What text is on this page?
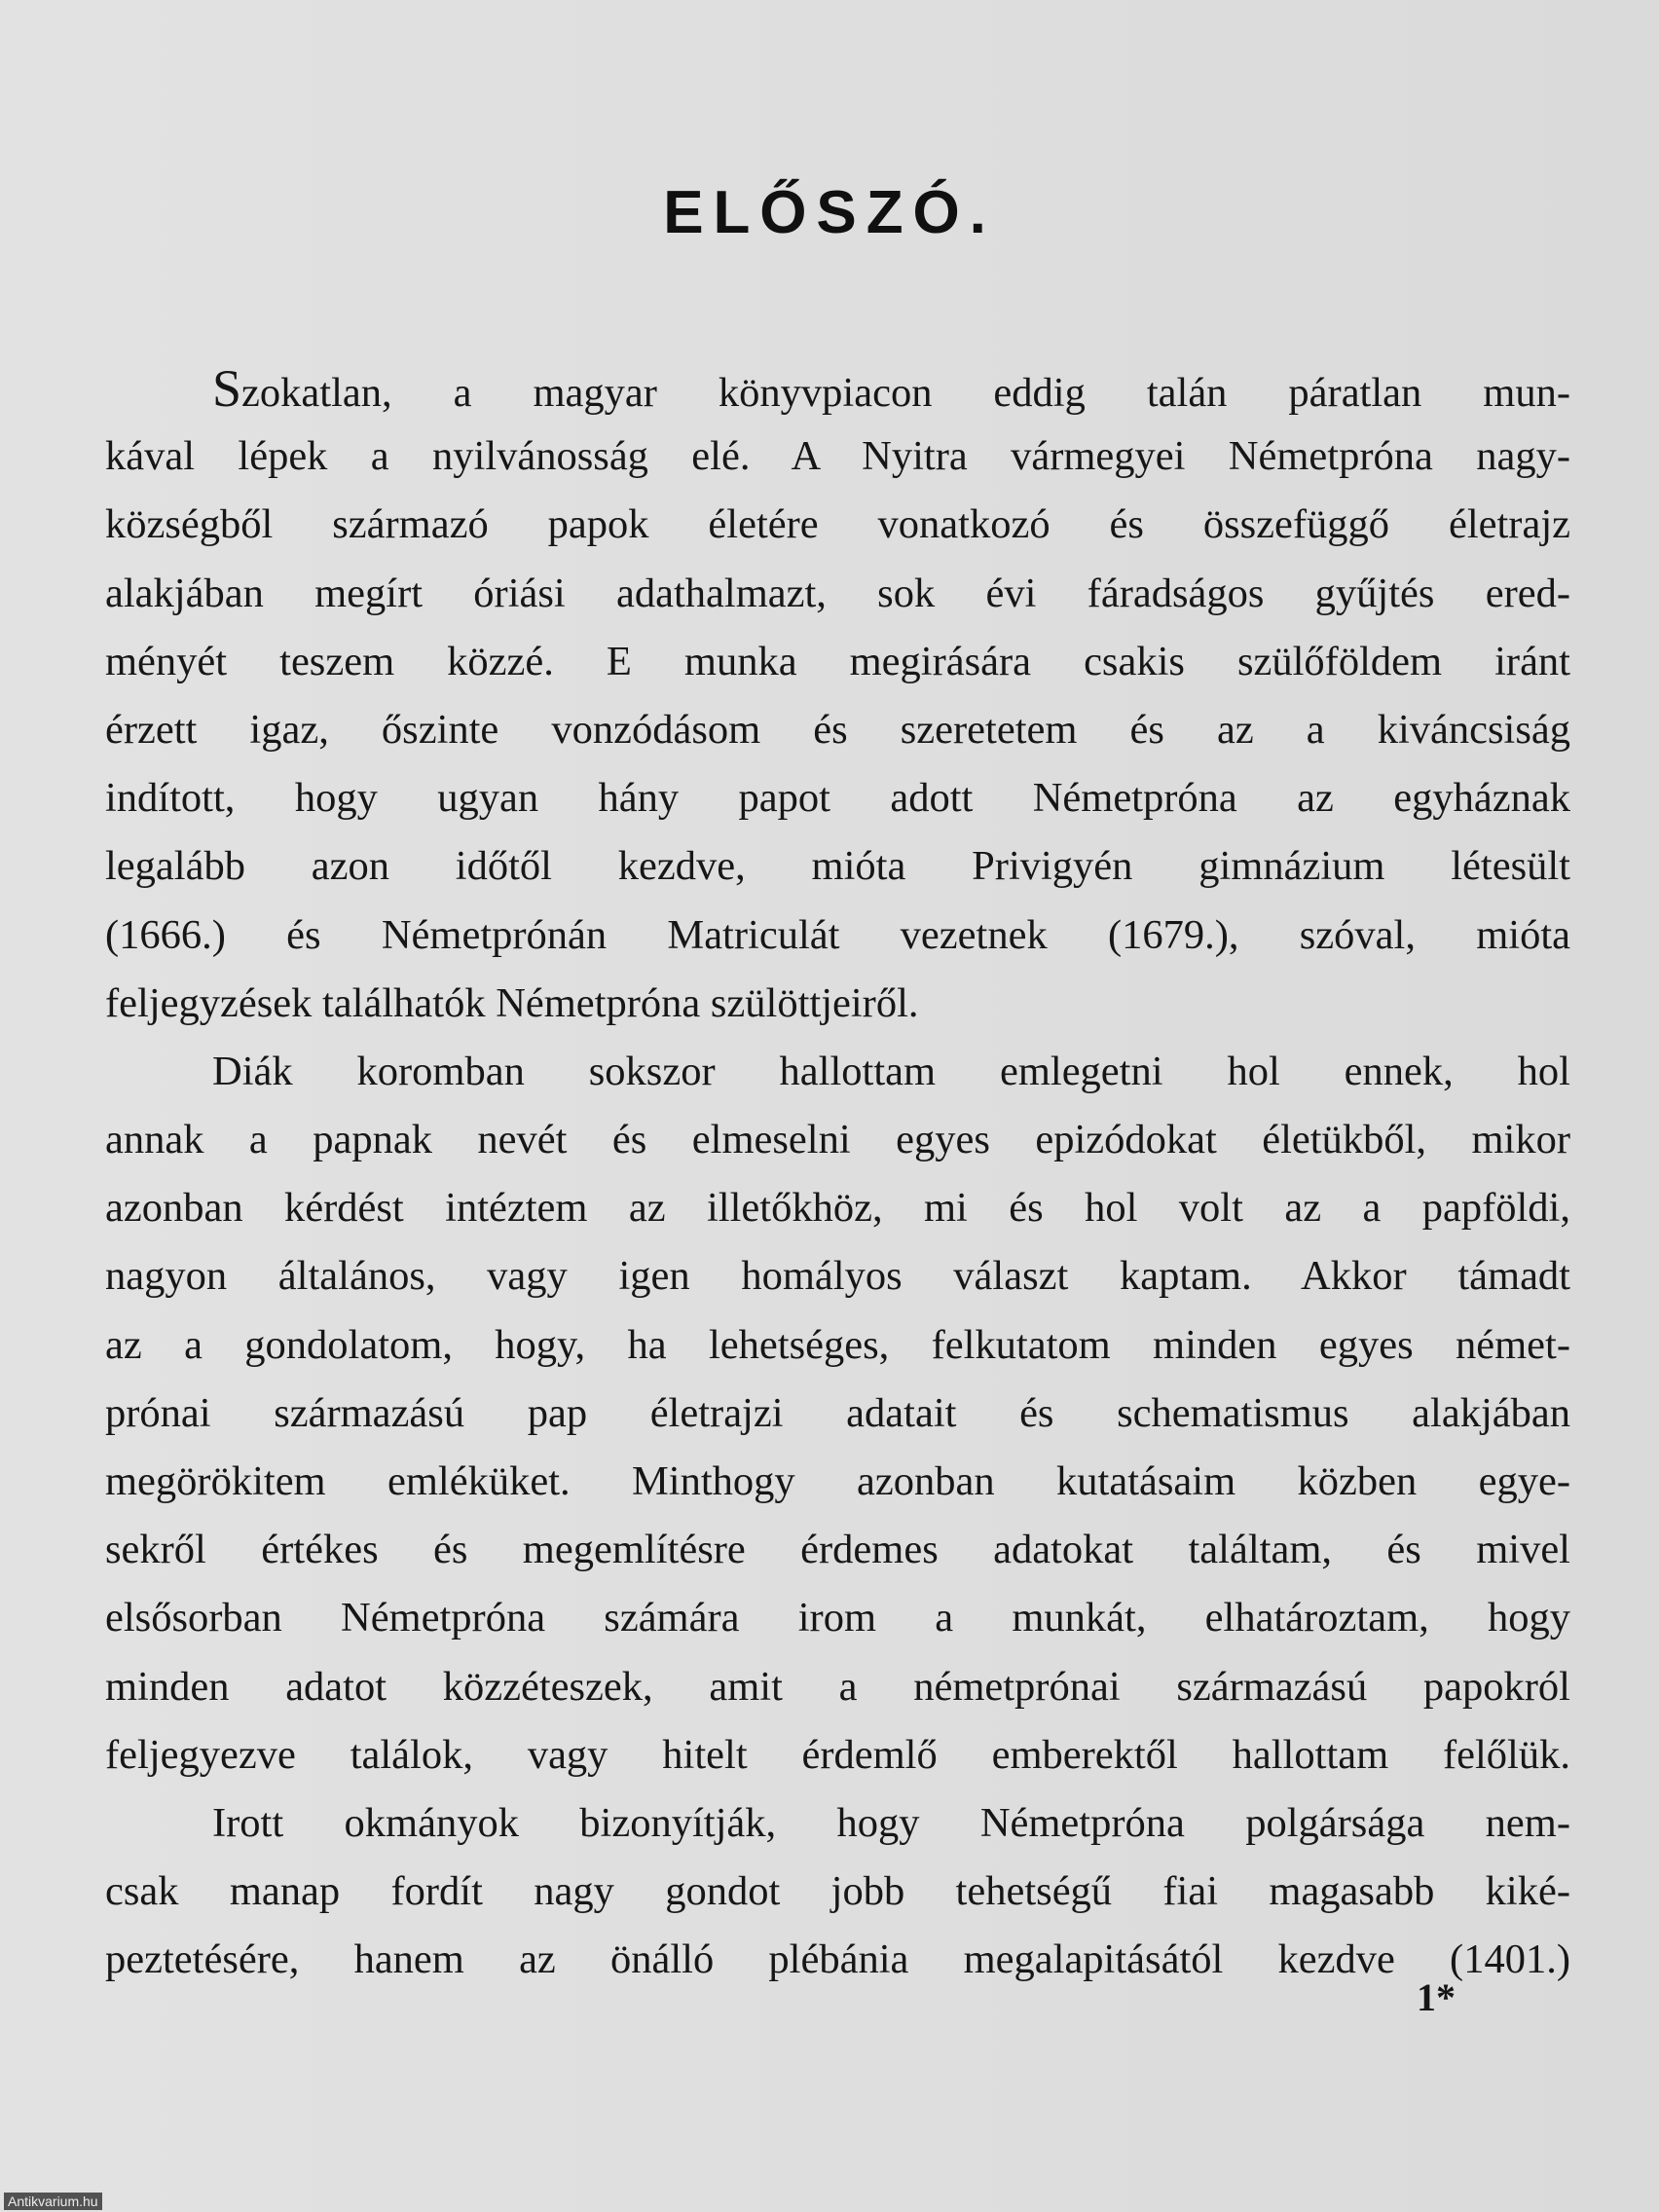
ELŐSZÓ.
Szokatlan, a magyar könyvpiacon eddig talán páratlan mun-
kával lépek a nyilvánosság elé. A Nyitra vármegyei Németpróna nagy-
községből származó papok életére vonatkozó és összefüggő életrajz
alakjában megírt óriási adathalmazt, sok évi fáradságos gyűjtés ered-
ményét teszem közzé. E munka megirására csakis szülőföldem iránt
érzett igaz, őszinte vonzódásom és szeretetem és az a kiváncsiság
indított, hogy ugyan hány papot adott Németpróna az egyháznak
legalább azon időtől kezdve, mióta Privigyén gimnázium létesült
(1666.) és Németprónán Matriculát vezetnek (1679.), szóval, mióta
feljegyzések találhatók Németpróna szülöttjeiről.
Diák koromban sokszor hallottam emlegetni hol ennek, hol
annak a papnak nevét és elmeselni egyes epizódokat életükből, mikor
azonban kérdést intéztem az illetőkhöz, mi és hol volt az a papföldi,
nagyon általános, vagy igen homályos választ kaptam. Akkor támadt
az a gondolatom, hogy, ha lehetséges, felkutatom minden egyes német-
prónai származású pap életrajzi adatait és schematismus alakjában
megörökitem emléküket. Minthogy azonban kutatásaim közben egye-
sekről értékes és megemlítésre érdemes adatokat találtam, és mivel
elsősorban Németpróna számára irom a munkát, elhatároztam, hogy
minden adatot közzéteszek, amit a németprónai származású papokról
feljegyezve találok, vagy hitelt érdemlő emberektől hallottam felőlük.
Irott okmányok bizonyítják, hogy Németpróna polgársága nem-
csak manap fordít nagy gondot jobb tehetségű fiai magasabb kiké-
peztetésére, hanem az önálló plébánia megalapitásától kezdve (1401.)
1*
Antikvarium.hu
